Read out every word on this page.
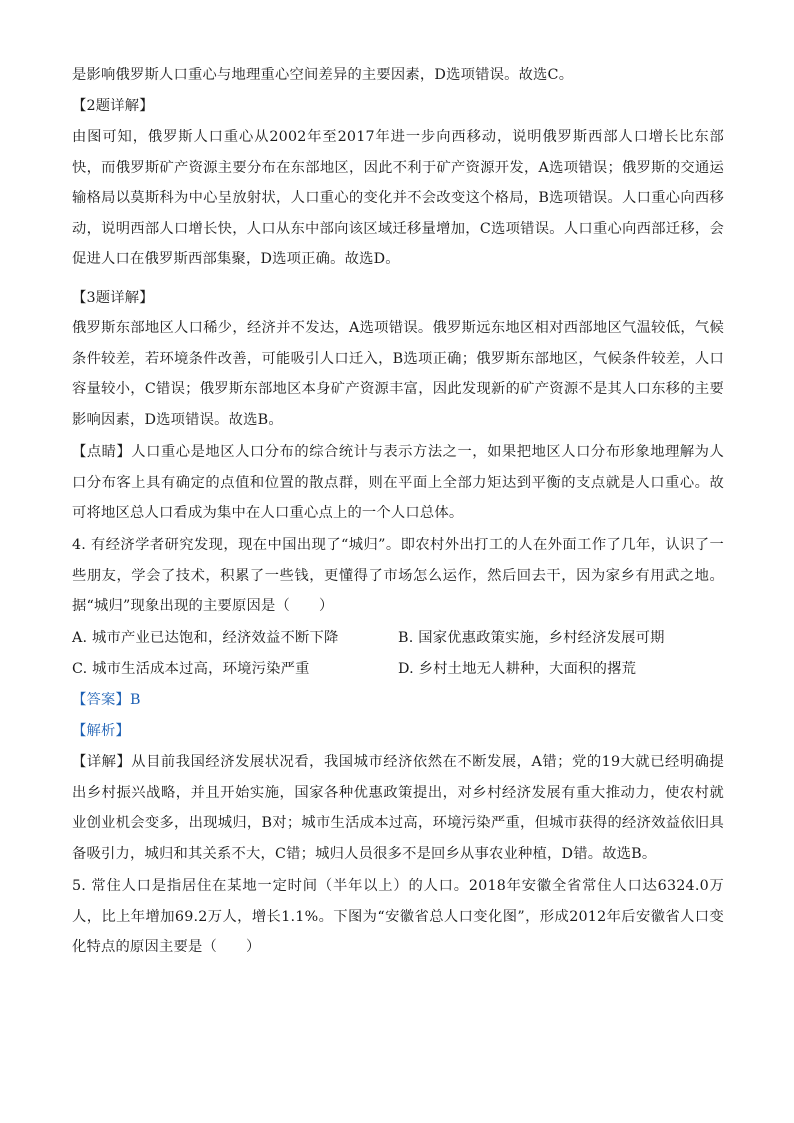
是影响俄罗斯人口重心与地理重心空间差异的主要因素，D选项错误。故选C。

【2题详解】

由图可知，俄罗斯人口重心从2002年至2017年进一步向西移动，说明俄罗斯西部人口增长比东部快，而俄罗斯矿产资源主要分布在东部地区，因此不利于矿产资源开发，A选项错误；俄罗斯的交通运输格局以莫斯科为中心呈放射状，人口重心的变化并不会改变这个格局，B选项错误。人口重心向西移动，说明西部人口增长快，人口从东中部向该区域迁移量增加，C选项错误。人口重心向西部迁移，会促进人口在俄罗斯西部集聚，D选项正确。故选D。

【3题详解】

俄罗斯东部地区人口稀少，经济并不发达，A选项错误。俄罗斯远东地区相对西部地区气温较低，气候条件较差，若环境条件改善，可能吸引人口迁入，B选项正确；俄罗斯东部地区，气候条件较差，人口容量较小，C错误；俄罗斯东部地区本身矿产资源丰富，因此发现新的矿产资源不是其人口东移的主要影响因素，D选项错误。故选B。

【点睛】人口重心是地区人口分布的综合统计与表示方法之一，如果把地区人口分布形象地理解为人口分布客上具有确定的点值和位置的散点群，则在平面上全部力矩达到平衡的支点就是人口重心。故可将地区总人口看成为集中在人口重心点上的一个人口总体。

4. 有经济学者研究发现，现在中国出现了“城归”。即农村外出打工的人在外面工作了几年，认识了一些朋友，学会了技术，积累了一些钱，更懂得了市场怎么运作，然后回去干，因为家乡有用武之地。据“城归”现象出现的主要原因是（　　）

A. 城市产业已达饱和，经济效益不断下降	B. 国家优惠政策实施，乡村经济发展可期

C. 城市生活成本过高，环境污染严重	D. 乡村土地无人耕种，大面积的撂荒

【答案】B

【解析】

【详解】从目前我国经济发展状况看，我国城市经济依然在不断发展，A错；党的19大就已经明确提出乡村振兴战略，并且开始实施，国家各种优惠政策提出，对乡村经济发展有重大推动力，使农村就业创业机会变多，出现城归，B对；城市生活成本过高，环境污染严重，但城市获得的经济效益依旧具备吸引力，城归和其关系不大，C错；城归人员很多不是回乡从事农业种植，D错。故选B。

5. 常住人口是指居住在某地一定时间（半年以上）的人口。2018年安徽全省常住人口达6324.0万人，比上年增加69.2万人，增长1.1%。下图为“安徽省总人口变化图”，形成2012年后安徽省人口变化特点的原因主要是（　　）
